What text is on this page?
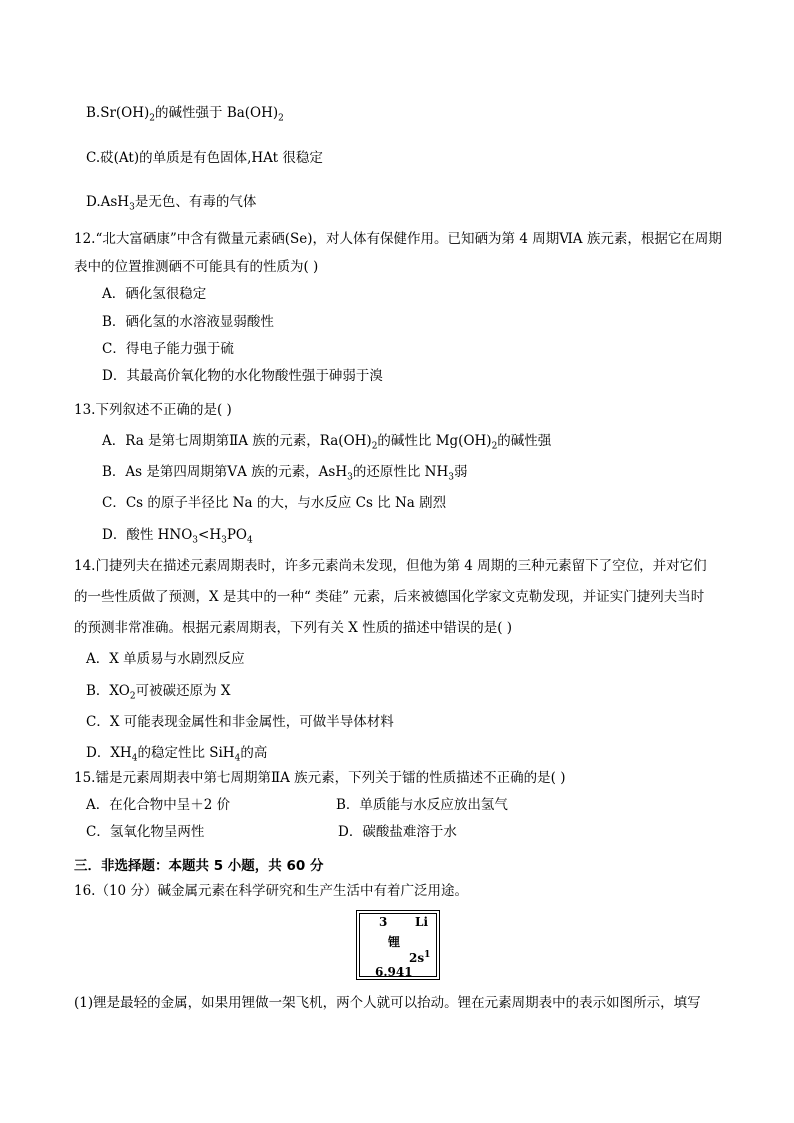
$B.Sr(OH)_2$的碱性强于 $Ba(OH)_2$
C.砹(At)的单质是有色固体,HAt 很稳定
D.AsH$_3$是无色、有毒的气体
12.“北大富硒康”中含有微量元素硒(Se)，对人体有保健作用。已知硒为第 4 周期ⅥA 族元素，根据它在周期
表中的位置推测硒不可能具有的性质为( )
A．硒化氢很稳定
B．硒化氢的水溶液显弱酸性
C．得电子能力强于硫
D．其最高价氧化物的水化物酸性强于砷弱于溴
13.下列叙述不正确的是( )
A．Ra 是第七周期第ⅡA 族的元素，$Ra(OH)_2$的碱性比 $Mg(OH)_2$的碱性强
B．As 是第四周期第ⅤA 族的元素，AsH$_3$的还原性比 $NH_3$弱
C．Cs 的原子半径比 Na 的大，与水反应 Cs 比 Na 剧烈
D．酸性 $HNO_3<H_3PO_4$
14.门捷列夫在描述元素周期表时，许多元素尚未发现，但他为第 4 周期的三种元素留下了空位，并对它们
的一些性质做了预测，X 是其中的一种“ 类硅” 元素，后来被德国化学家文克勒发现，并证实门捷列夫当时
的预测非常准确。根据元素周期表，下列有关 X 性质的描述中错误的是( )
A．X 单质易与水剧烈反应
B．$XO_2$可被碳还原为 X
C．X 可能表现金属性和非金属性，可做半导体材料
D．$XH_4$的稳定性比 SiH$_4$的高
15.镭是元素周期表中第七周期第ⅡA 族元素，下列关于镭的性质描述不正确的是( )
A．在化合物中呈＋2 价	B．单质能与水反应放出氢气
C．氢氧化物呈两性	D．碳酸盐难溶于水
三．非选择题：本题共 5 小题，共 60 分
16.（10 分）碱金属元素在科学研究和生产生活中有着广泛用途。
3 Li
锂
$2s^1$
6.941
(1)锂是最轻的金属，如果用锂做一架飞机，两个人就可以抬动。锂在元素周期表中的表示如图所示，填写
